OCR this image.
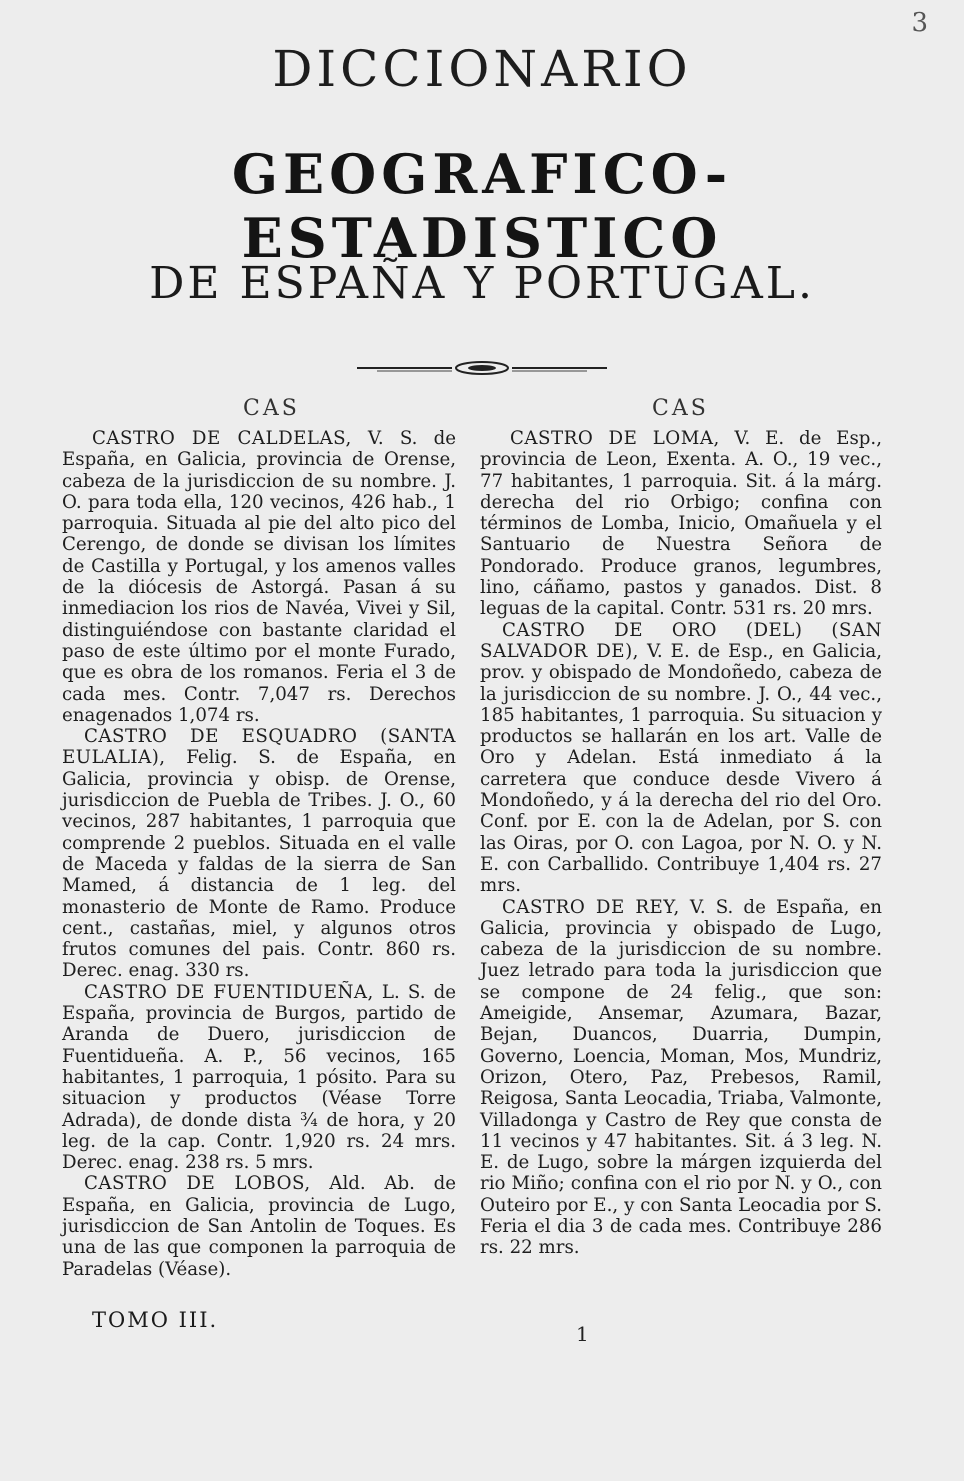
3
DICCIONARIO
GEOGRAFICO-ESTADISTICO
DE ESPAÑA Y PORTUGAL.
CAS	CAS

CASTRO DE CALDELAS, V. S. de España, en Galicia, provincia de Orense, cabeza de la jurisdiccion de su nombre. J. O. para toda ella, 120 vecinos, 426 hab., 1 parroquia. Situada al pie del alto pico del Cerengo, de donde se divisan los límites de Castilla y Portugal, y los amenos valles de la diócesis de Astorgá. Pasan á su inmediacion los rios de Navéa, Vivei y Sil, distinguiéndose con bastante claridad el paso de este último por el monte Furado, que es obra de los romanos. Feria el 3 de cada mes. Contr. 7,047 rs. Derechos enagenados 1,074 rs.

CASTRO DE ESQUADRO (SANTA EULALIA), Felig. S. de España, en Galicia, provincia y obisp. de Orense, jurisdiccion de Puebla de Tribes. J. O., 60 vecinos, 287 habitantes, 1 parroquia que comprende 2 pueblos. Situada en el valle de Maceda y faldas de la sierra de San Mamed, á distancia de 1 leg. del monasterio de Monte de Ramo. Produce cent., castañas, miel, y algunos otros frutos comunes del pais. Contr. 860 rs. Derec. enag. 330 rs.

CASTRO DE FUENTIDUEÑA, L. S. de España, provincia de Burgos, partido de Aranda de Duero, jurisdiccion de Fuentidueña. A. P., 56 vecinos, 165 habitantes, 1 parroquia, 1 pósito. Para su situacion y productos (Véase Torre Adrada), de donde dista ¾ de hora, y 20 leg. de la cap. Contr. 1,920 rs. 24 mrs. Derec. enag. 238 rs. 5 mrs.

CASTRO DE LOBOS, Ald. Ab. de España, en Galicia, provincia de Lugo, jurisdiccion de San Antolin de Toques. Es una de las que componen la parroquia de Paradelas (Véase).

CASTRO DE LOMA, V. E. de Esp., provincia de Leon, Exenta. A. O., 19 vec., 77 habitantes, 1 parroquia. Sit. á la márg. derecha del rio Orbigo; confina con términos de Lomba, Inicio, Omañuela y el Santuario de Nuestra Señora de Pondorado. Produce granos, legumbres, lino, cáñamo, pastos y ganados. Dist. 8 leguas de la capital. Contr. 531 rs. 20 mrs.

CASTRO DE ORO (DEL) (SAN SALVADOR DE), V. E. de Esp., en Galicia, prov. y obispado de Mondoñedo, cabeza de la jurisdiccion de su nombre. J. O., 44 vec., 185 habitantes, 1 parroquia. Su situacion y productos se hallarán en los art. Valle de Oro y Adelan. Está inmediato á la carretera que conduce desde Vivero á Mondoñedo, y á la derecha del rio del Oro. Conf. por E. con la de Adelan, por S. con las Oiras, por O. con Lagoa, por N. O. y N. E. con Carballido. Contribuye 1,404 rs. 27 mrs.

CASTRO DE REY, V. S. de España, en Galicia, provincia y obispado de Lugo, cabeza de la jurisdiccion de su nombre. Juez letrado para toda la jurisdiccion que se compone de 24 felig., que son: Ameigide, Ansemar, Azumara, Bazar, Bejan, Duancos, Duarria, Dumpin, Governo, Loencia, Moman, Mos, Mundriz, Orizon, Otero, Paz, Prebesos, Ramil, Reigosa, Santa Leocadia, Triaba, Valmonte, Villadonga y Castro de Rey que consta de 11 vecinos y 47 habitantes. Sit. á 3 leg. N. E. de Lugo, sobre la márgen izquierda del rio Miño; confina con el rio por N. y O., con Outeiro por E., y con Santa Leocadia por S. Feria el dia 3 de cada mes. Contribuye 286 rs. 22 mrs.

TOMO III.
1
